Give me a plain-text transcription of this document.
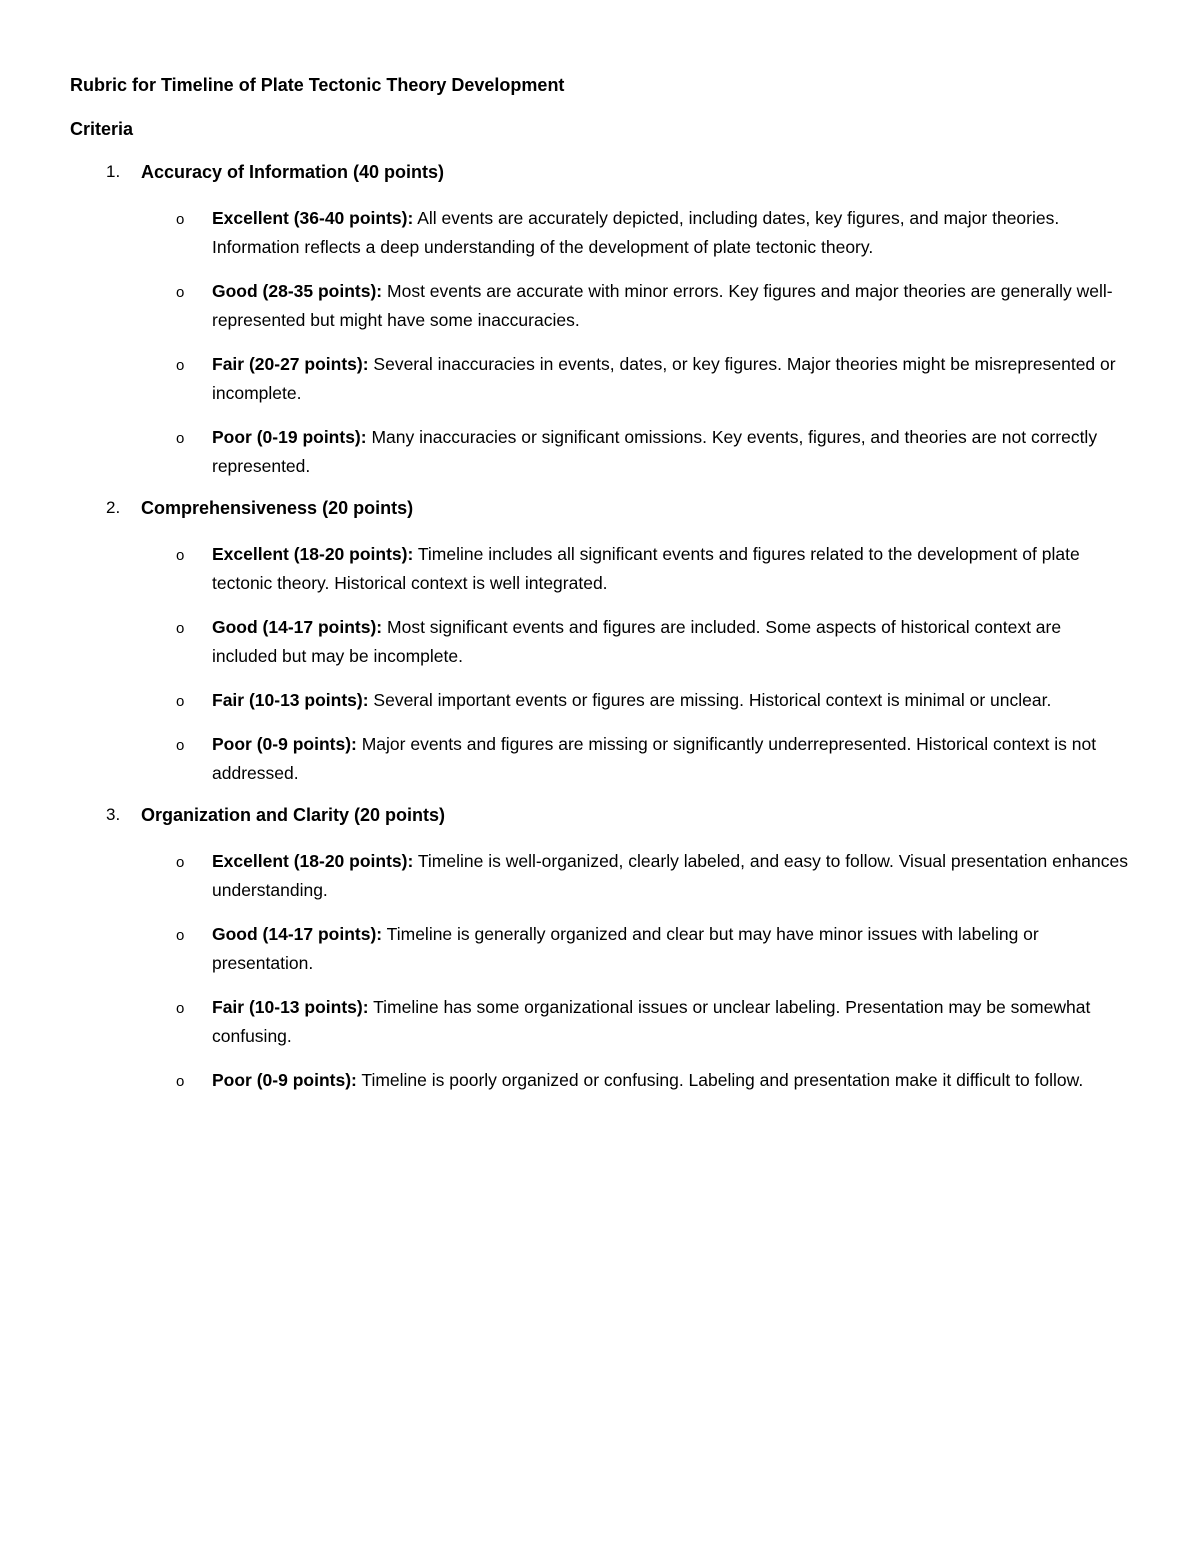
Rubric for Timeline of Plate Tectonic Theory Development
Criteria
1. Accuracy of Information (40 points)
o Excellent (36-40 points): All events are accurately depicted, including dates, key figures, and major theories. Information reflects a deep understanding of the development of plate tectonic theory.
o Good (28-35 points): Most events are accurate with minor errors. Key figures and major theories are generally well-represented but might have some inaccuracies.
o Fair (20-27 points): Several inaccuracies in events, dates, or key figures. Major theories might be misrepresented or incomplete.
o Poor (0-19 points): Many inaccuracies or significant omissions. Key events, figures, and theories are not correctly represented.
2. Comprehensiveness (20 points)
o Excellent (18-20 points): Timeline includes all significant events and figures related to the development of plate tectonic theory. Historical context is well integrated.
o Good (14-17 points): Most significant events and figures are included. Some aspects of historical context are included but may be incomplete.
o Fair (10-13 points): Several important events or figures are missing. Historical context is minimal or unclear.
o Poor (0-9 points): Major events and figures are missing or significantly underrepresented. Historical context is not addressed.
3. Organization and Clarity (20 points)
o Excellent (18-20 points): Timeline is well-organized, clearly labeled, and easy to follow. Visual presentation enhances understanding.
o Good (14-17 points): Timeline is generally organized and clear but may have minor issues with labeling or presentation.
o Fair (10-13 points): Timeline has some organizational issues or unclear labeling. Presentation may be somewhat confusing.
o Poor (0-9 points): Timeline is poorly organized or confusing. Labeling and presentation make it difficult to follow.
